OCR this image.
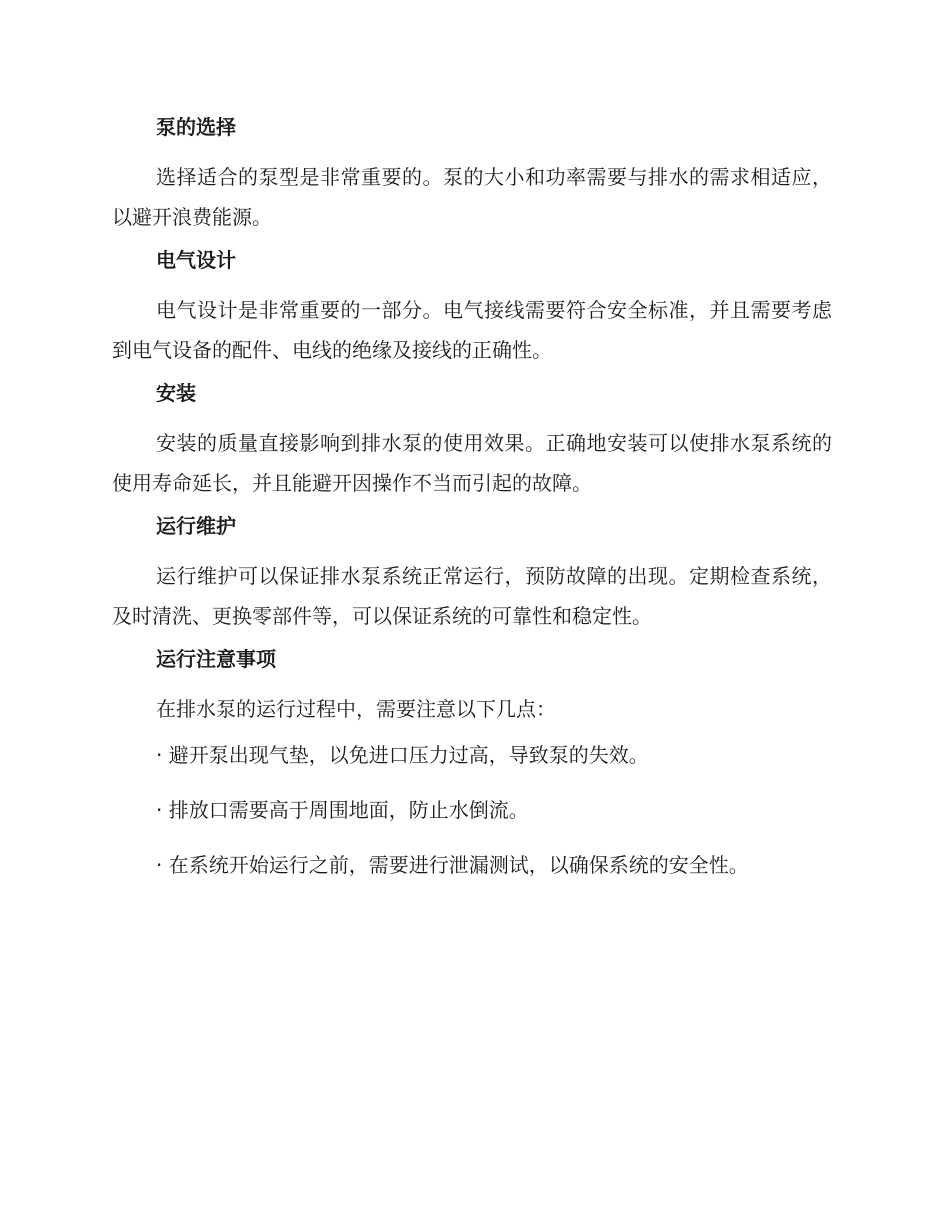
泵的选择

选择适合的泵型是非常重要的。泵的大小和功率需要与排水的需求相适应，以避开浪费能源。

电气设计

电气设计是非常重要的一部分。电气接线需要符合安全标准，并且需要考虑到电气设备的配件、电线的绝缘及接线的正确性。

安装

安装的质量直接影响到排水泵的使用效果。正确地安装可以使排水泵系统的使用寿命延长，并且能避开因操作不当而引起的故障。

运行维护

运行维护可以保证排水泵系统正常运行，预防故障的出现。定期检查系统，及时清洗、更换零部件等，可以保证系统的可靠性和稳定性。

运行注意事项

在排水泵的运行过程中，需要注意以下几点：

· 避开泵出现气垫，以免进口压力过高，导致泵的失效。
· 排放口需要高于周围地面，防止水倒流。
· 在系统开始运行之前，需要进行泄漏测试，以确保系统的安全性。
